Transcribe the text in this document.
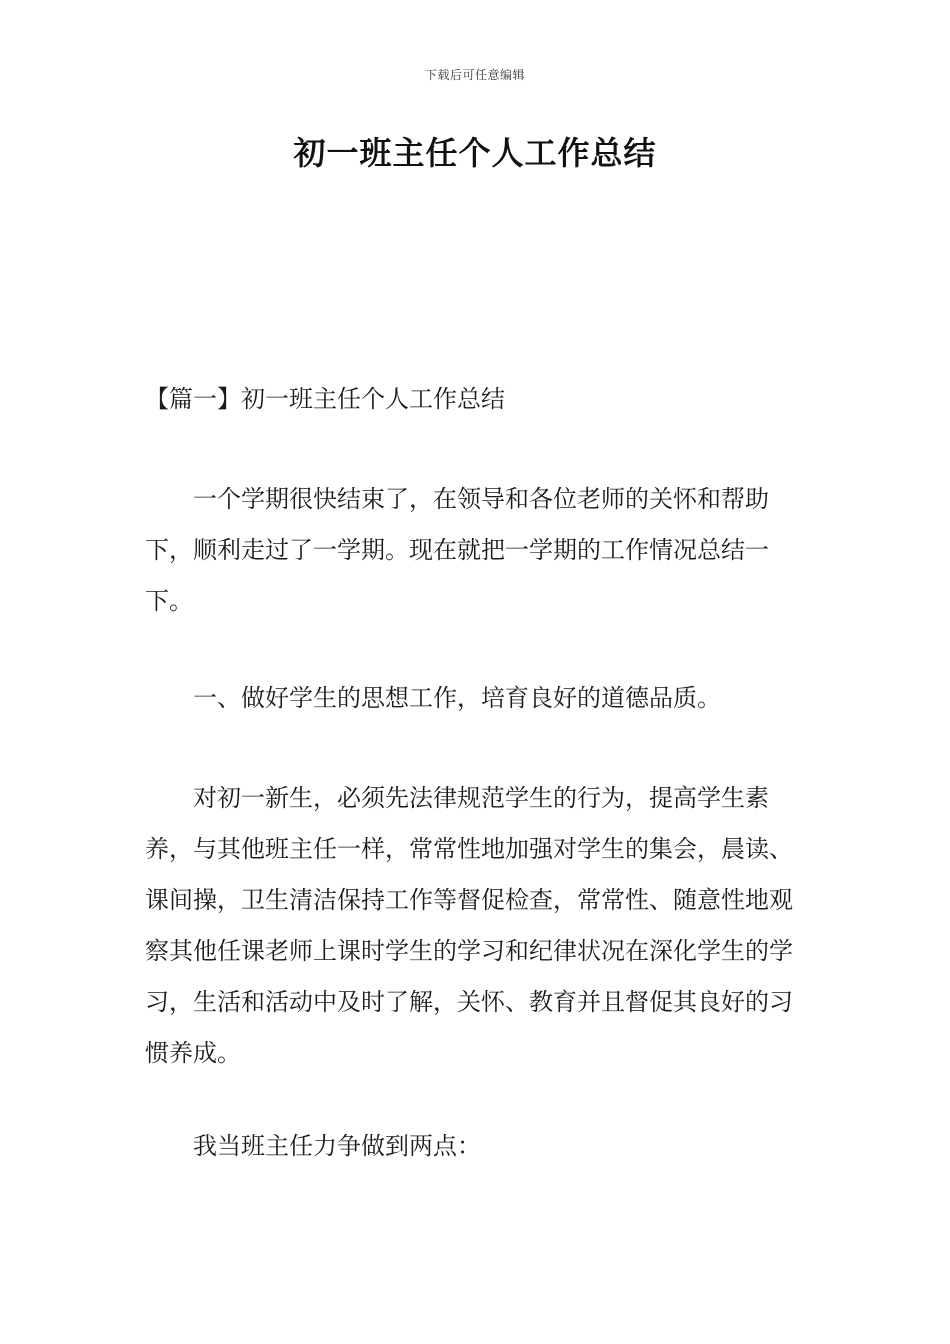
下载后可任意编辑
初一班主任个人工作总结
【篇一】初一班主任个人工作总结

一个学期很快结束了，在领导和各位老师的关怀和帮助下，顺利走过了一学期。现在就把一学期的工作情况总结一下。

一、做好学生的思想工作，培育良好的道德品质。

对初一新生，必须先法律规范学生的行为，提高学生素养，与其他班主任一样，常常性地加强对学生的集会，晨读、课间操，卫生清洁保持工作等督促检查，常常性、随意性地观察其他任课老师上课时学生的学习和纪律状况在深化学生的学习，生活和活动中及时了解，关怀、教育并且督促其良好的习惯养成。

我当班主任力争做到两点：
